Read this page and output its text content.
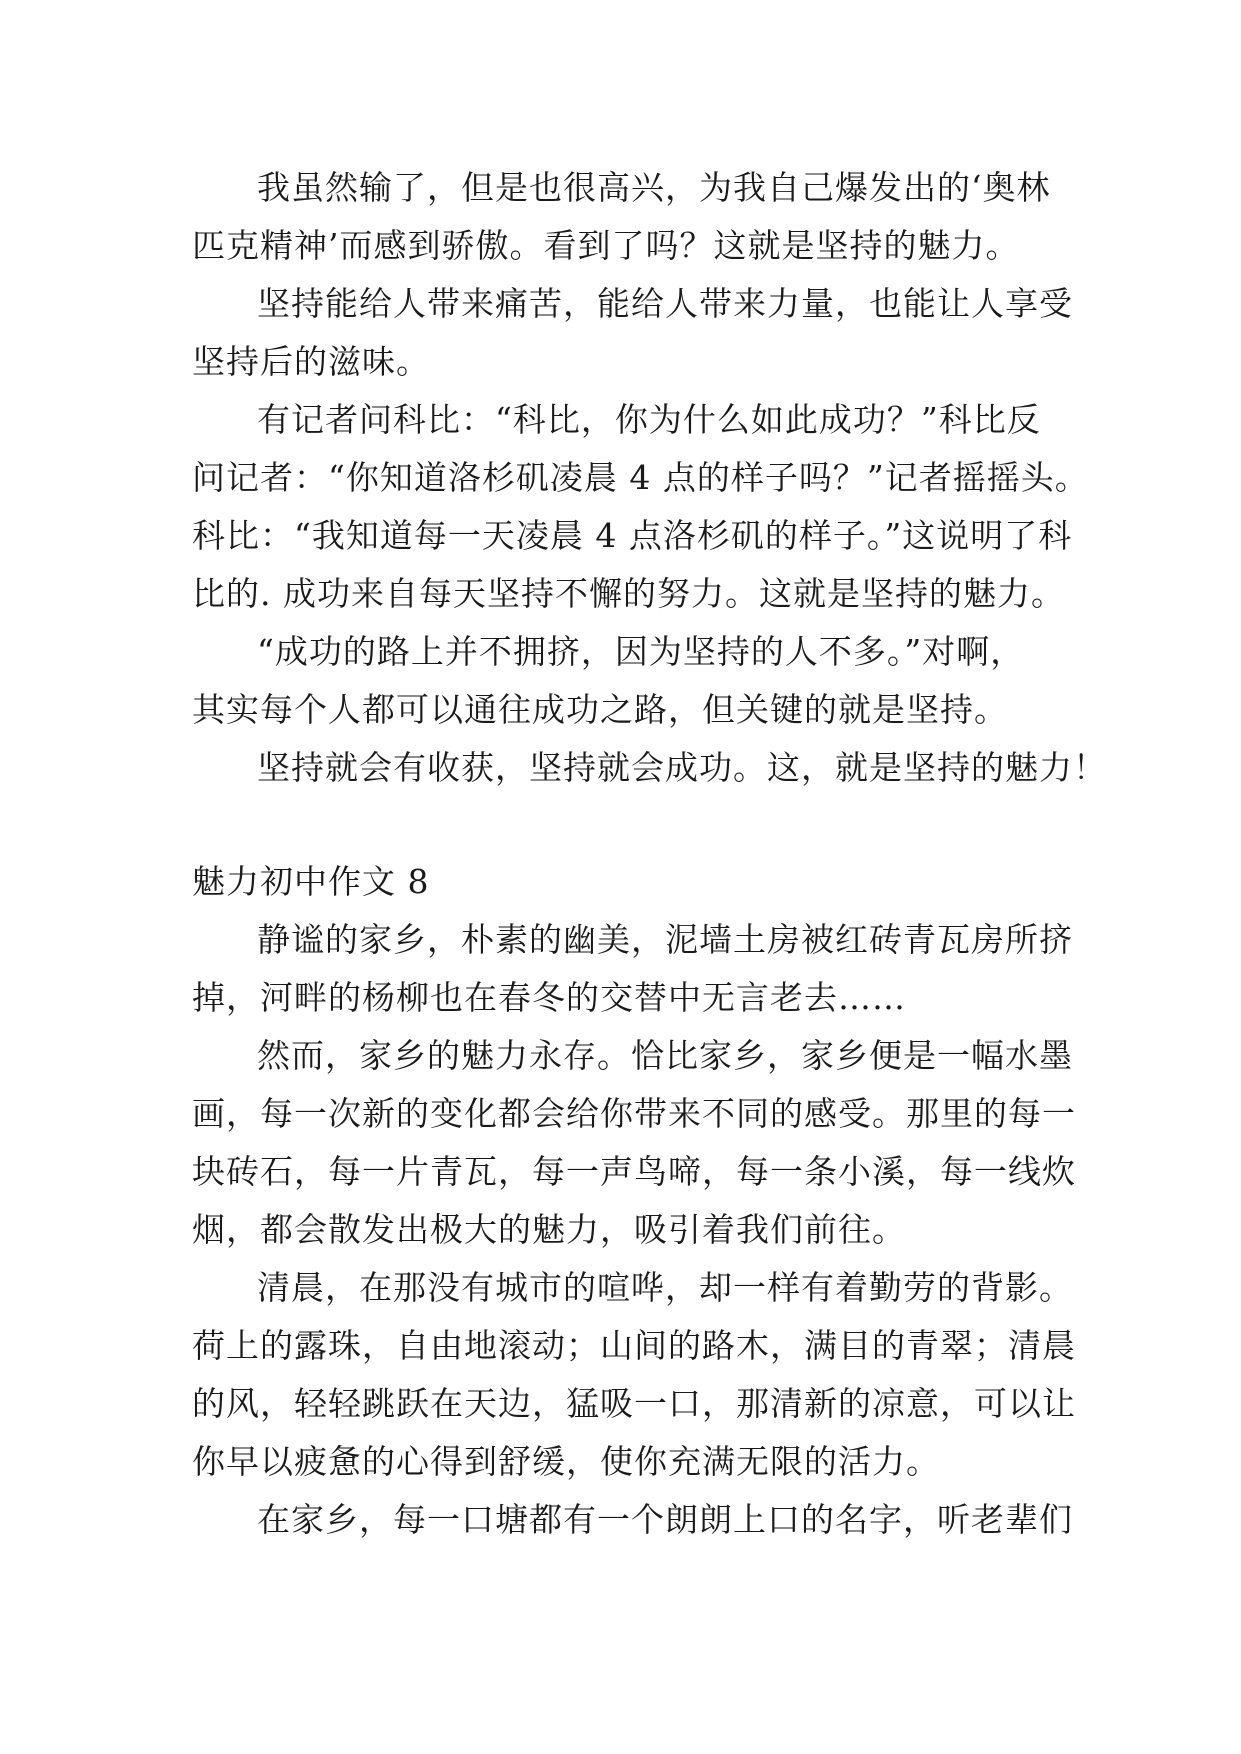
我虽然输了，但是也很高兴，为我自己爆发出的‘奥林
匹克精神’而感到骄傲。看到了吗？这就是坚持的魅力。
坚持能给人带来痛苦，能给人带来力量，也能让人享受
坚持后的滋味。
有记者问科比：“科比，你为什么如此成功？”科比反
问记者：“你知道洛杉矶凌晨 4 点的样子吗？”记者摇摇头。
科比：“我知道每一天凌晨 4 点洛杉矶的样子。”这说明了科
比的. 成功来自每天坚持不懈的努力。这就是坚持的魅力。
“成功的路上并不拥挤，因为坚持的人不多。”对啊，
其实每个人都可以通往成功之路，但关键的就是坚持。
坚持就会有收获，坚持就会成功。这，就是坚持的魅力！
魅力初中作文 8
静谧的家乡，朴素的幽美，泥墙土房被红砖青瓦房所挤
掉，河畔的杨柳也在春冬的交替中无言老去……
然而，家乡的魅力永存。恰比家乡，家乡便是一幅水墨
画，每一次新的变化都会给你带来不同的感受。那里的每一
块砖石，每一片青瓦，每一声鸟啼，每一条小溪，每一线炊
烟，都会散发出极大的魅力，吸引着我们前往。
清晨，在那没有城市的喧哗，却一样有着勤劳的背影。
荷上的露珠，自由地滚动；山间的路木，满目的青翠；清晨
的风，轻轻跳跃在天边，猛吸一口，那清新的凉意，可以让
你早以疲惫的心得到舒缓，使你充满无限的活力。
在家乡，每一口塘都有一个朗朗上口的名字，听老辈们
